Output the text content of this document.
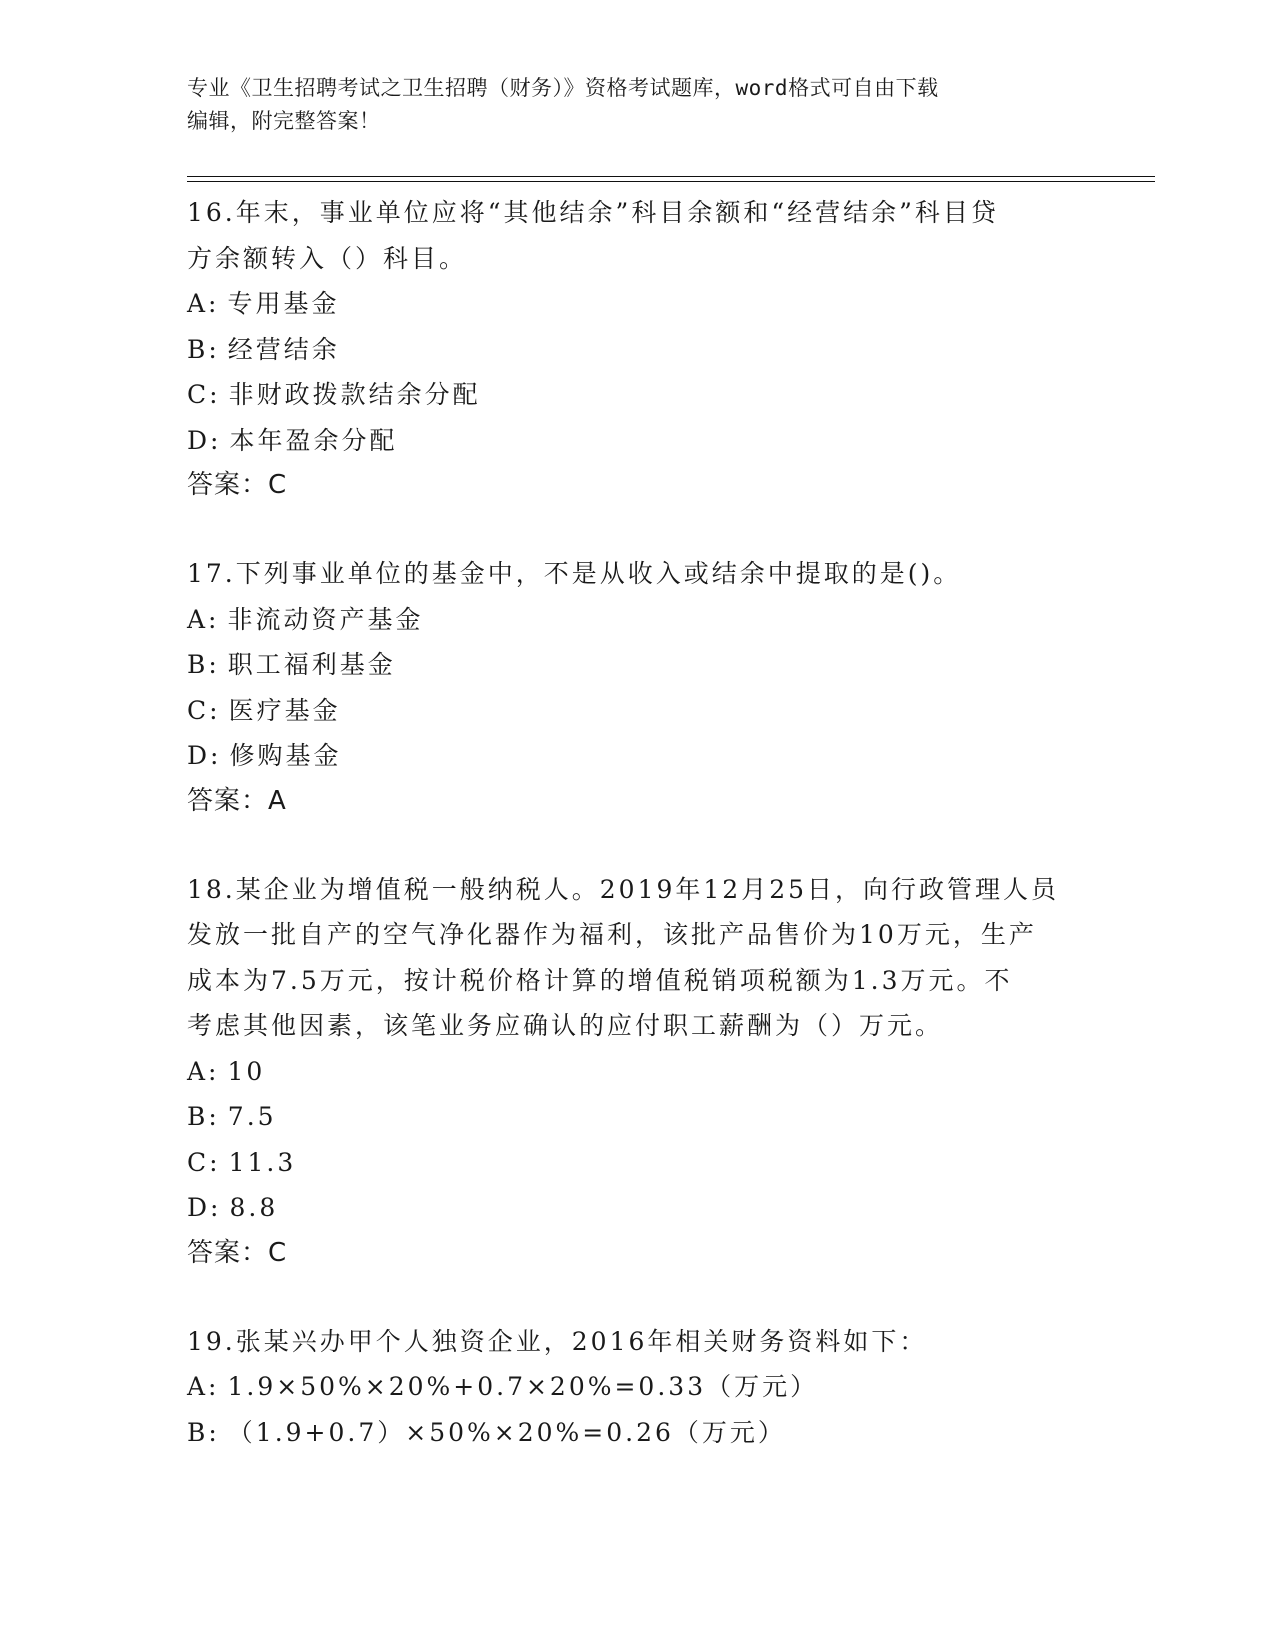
专业《卫生招聘考试之卫生招聘（财务）》资格考试题库，word格式可自由下载
编辑，附完整答案！

16.年末，事业单位应将“其他结余”科目余额和“经营结余”科目贷

方余额转入（）科目。

A: 专用基金

B: 经营结余

C: 非财政拨款结余分配

D: 本年盈余分配

答案：C

17.下列事业单位的基金中，不是从收入或结余中提取的是()。

A: 非流动资产基金

B: 职工福利基金

C: 医疗基金

D: 修购基金

答案：A

18.某企业为增值税一般纳税人。2019年12月25日，向行政管理人员

发放一批自产的空气净化器作为福利，该批产品售价为10万元，生产

成本为7.5万元，按计税价格计算的增值税销项税额为1.3万元。不

考虑其他因素，该笔业务应确认的应付职工薪酬为（）万元。

A: 10

B: 7.5

C: 11.3

D: 8.8

答案：C

19.张某兴办甲个人独资企业，2016年相关财务资料如下：

A: 1.9×50%×20%+0.7×20%=0.33（万元）

B: （1.9+0.7）×50%×20%=0.26（万元）
